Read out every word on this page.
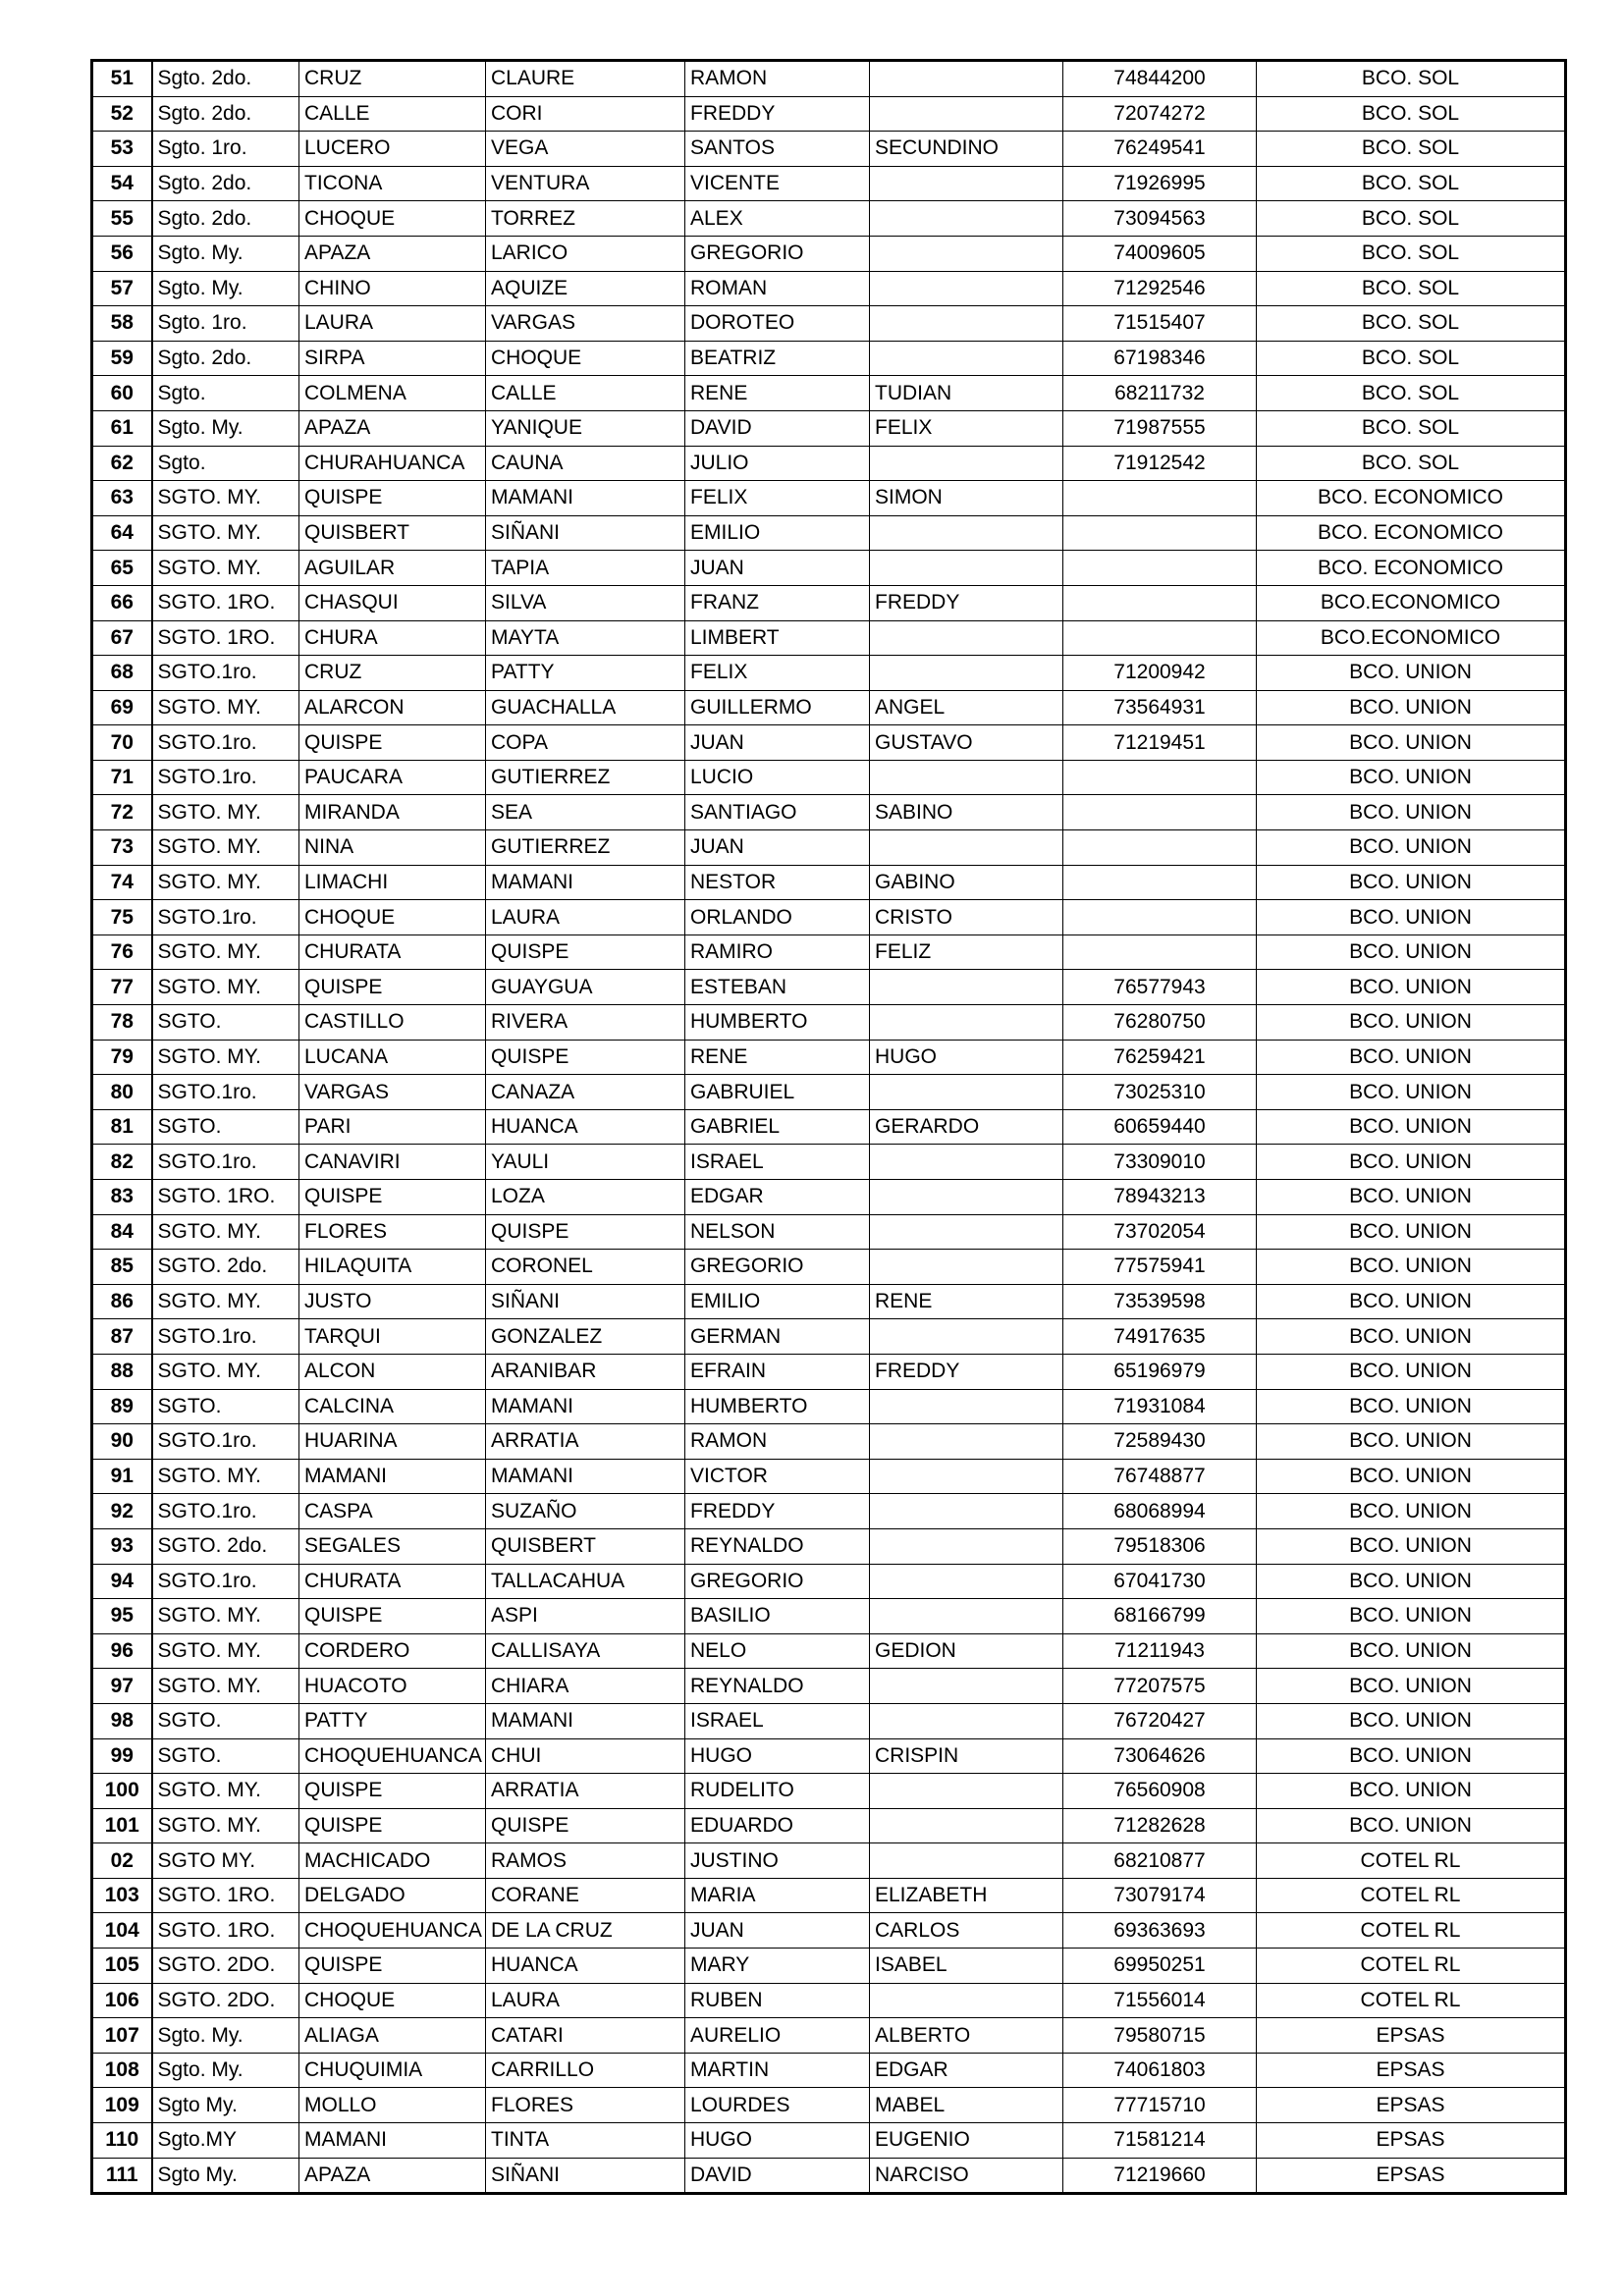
51	Sgto. 2do.	CRUZ	CLAURE	RAMON		74844200	BCO. SOL
52	Sgto. 2do.	CALLE	CORI	FREDDY		72074272	BCO. SOL
53	Sgto. 1ro.	LUCERO	VEGA	SANTOS	SECUNDINO	76249541	BCO. SOL
54	Sgto. 2do.	TICONA	VENTURA	VICENTE		71926995	BCO. SOL
55	Sgto. 2do.	CHOQUE	TORREZ	ALEX		73094563	BCO. SOL
56	Sgto. My.	APAZA	LARICO	GREGORIO		74009605	BCO. SOL
57	Sgto. My.	CHINO	AQUIZE	ROMAN		71292546	BCO. SOL
58	Sgto. 1ro.	LAURA	VARGAS	DOROTEO		71515407	BCO. SOL
59	Sgto. 2do.	SIRPA	CHOQUE	BEATRIZ		67198346	BCO. SOL
60	Sgto.	COLMENA	CALLE	RENE	TUDIAN	68211732	BCO. SOL
61	Sgto. My.	APAZA	YANIQUE	DAVID	FELIX	71987555	BCO. SOL
62	Sgto.	CHURAHUANCA	CAUNA	JULIO		71912542	BCO. SOL
63	SGTO. MY.	QUISPE	MAMANI	FELIX	SIMON		BCO. ECONOMICO
64	SGTO. MY.	QUISBERT	SIÑANI	EMILIO			BCO. ECONOMICO
65	SGTO. MY.	AGUILAR	TAPIA	JUAN			BCO. ECONOMICO
66	SGTO. 1RO.	CHASQUI	SILVA	FRANZ	FREDDY		BCO.ECONOMICO
67	SGTO. 1RO.	CHURA	MAYTA	LIMBERT			BCO.ECONOMICO
68	SGTO.1ro.	CRUZ	PATTY	FELIX		71200942	BCO. UNION
69	SGTO. MY.	ALARCON	GUACHALLA	GUILLERMO	ANGEL	73564931	BCO. UNION
70	SGTO.1ro.	QUISPE	COPA	JUAN	GUSTAVO	71219451	BCO. UNION
71	SGTO.1ro.	PAUCARA	GUTIERREZ	LUCIO			BCO. UNION
72	SGTO. MY.	MIRANDA	SEA	SANTIAGO	SABINO		BCO. UNION
73	SGTO. MY.	NINA	GUTIERREZ	JUAN			BCO. UNION
74	SGTO. MY.	LIMACHI	MAMANI	NESTOR	GABINO		BCO. UNION
75	SGTO.1ro.	CHOQUE	LAURA	ORLANDO	CRISTO		BCO. UNION
76	SGTO. MY.	CHURATA	QUISPE	RAMIRO	FELIZ		BCO. UNION
77	SGTO. MY.	QUISPE	GUAYGUA	ESTEBAN		76577943	BCO. UNION
78	SGTO.	CASTILLO	RIVERA	HUMBERTO		76280750	BCO. UNION
79	SGTO. MY.	LUCANA	QUISPE	RENE	HUGO	76259421	BCO. UNION
80	SGTO.1ro.	VARGAS	CANAZA	GABRUIEL		73025310	BCO. UNION
81	SGTO.	PARI	HUANCA	GABRIEL	GERARDO	60659440	BCO. UNION
82	SGTO.1ro.	CANAVIRI	YAULI	ISRAEL		73309010	BCO. UNION
83	SGTO. 1RO.	QUISPE	LOZA	EDGAR		78943213	BCO. UNION
84	SGTO. MY.	FLORES	QUISPE	NELSON		73702054	BCO. UNION
85	SGTO. 2do.	HILAQUITA	CORONEL	GREGORIO		77575941	BCO. UNION
86	SGTO. MY.	JUSTO	SIÑANI	EMILIO	RENE	73539598	BCO. UNION
87	SGTO.1ro.	TARQUI	GONZALEZ	GERMAN		74917635	BCO. UNION
88	SGTO. MY.	ALCON	ARANIBAR	EFRAIN	FREDDY	65196979	BCO. UNION
89	SGTO.	CALCINA	MAMANI	HUMBERTO		71931084	BCO. UNION
90	SGTO.1ro.	HUARINA	ARRATIA	RAMON		72589430	BCO. UNION
91	SGTO. MY.	MAMANI	MAMANI	VICTOR		76748877	BCO. UNION
92	SGTO.1ro.	CASPA	SUZAÑO	FREDDY		68068994	BCO. UNION
93	SGTO. 2do.	SEGALES	QUISBERT	REYNALDO		79518306	BCO. UNION
94	SGTO.1ro.	CHURATA	TALLACAHUA	GREGORIO		67041730	BCO. UNION
95	SGTO. MY.	QUISPE	ASPI	BASILIO		68166799	BCO. UNION
96	SGTO. MY.	CORDERO	CALLISAYA	NELO	GEDION	71211943	BCO. UNION
97	SGTO. MY.	HUACOTO	CHIARA	REYNALDO		77207575	BCO. UNION
98	SGTO.	PATTY	MAMANI	ISRAEL		76720427	BCO. UNION
99	SGTO.	CHOQUEHUANCA	CHUI	HUGO	CRISPIN	73064626	BCO. UNION
100	SGTO. MY.	QUISPE	ARRATIA	RUDELITO		76560908	BCO. UNION
101	SGTO. MY.	QUISPE	QUISPE	EDUARDO		71282628	BCO. UNION
02	SGTO MY.	MACHICADO	RAMOS	JUSTINO		68210877	COTEL RL
103	SGTO. 1RO.	DELGADO	CORANE	MARIA	ELIZABETH	73079174	COTEL RL
104	SGTO. 1RO.	CHOQUEHUANCA	DE LA CRUZ	JUAN	CARLOS	69363693	COTEL RL
105	SGTO. 2DO.	QUISPE	HUANCA	MARY	ISABEL	69950251	COTEL RL
106	SGTO. 2DO.	CHOQUE	LAURA	RUBEN		71556014	COTEL RL
107	Sgto. My.	ALIAGA	CATARI	AURELIO	ALBERTO	79580715	EPSAS
108	Sgto. My.	CHUQUIMIA	CARRILLO	MARTIN	EDGAR	74061803	EPSAS
109	Sgto My.	MOLLO	FLORES	LOURDES	MABEL	77715710	EPSAS
110	Sgto.MY	MAMANI	TINTA	HUGO	EUGENIO	71581214	EPSAS
111	Sgto My.	APAZA	SIÑANI	DAVID	NARCISO	71219660	EPSAS
